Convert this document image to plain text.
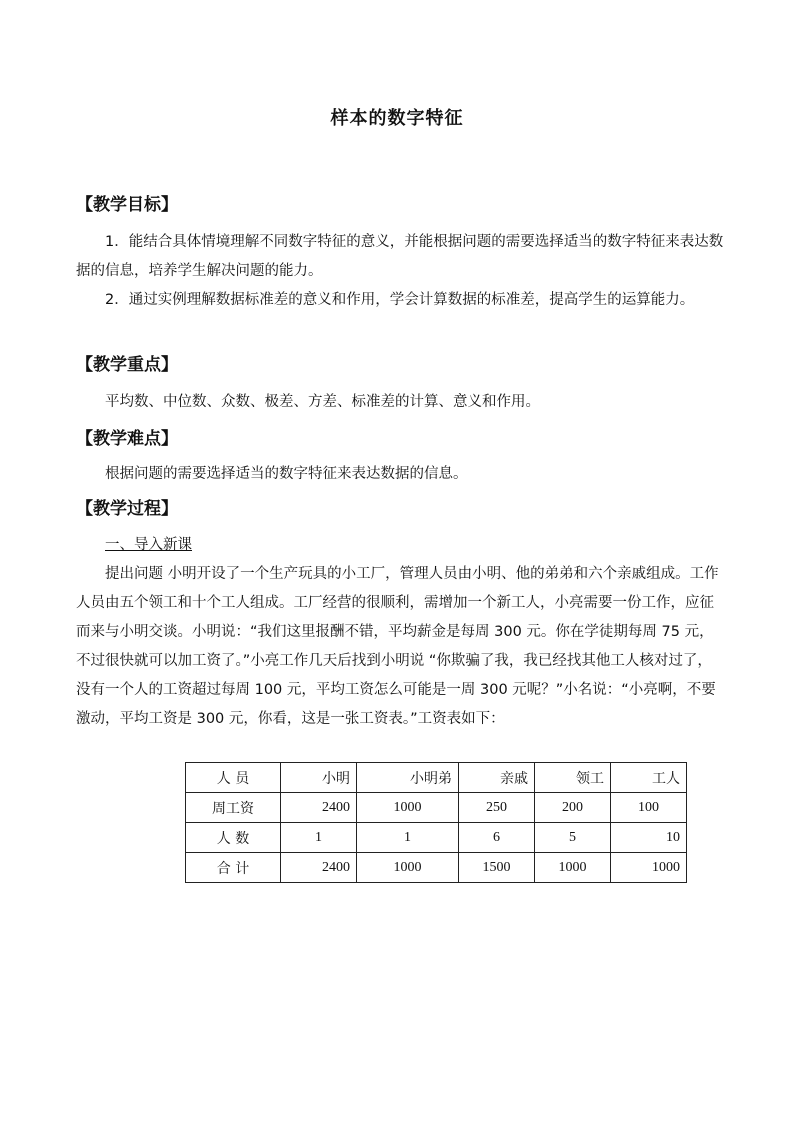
样本的数字特征
【教学目标】

1．能结合具体情境理解不同数字特征的意义，并能根据问题的需要选择适当的数字特征来表达数据的信息，培养学生解决问题的能力。

2．通过实例理解数据标准差的意义和作用，学会计算数据的标准差，提高学生的运算能力。

【教学重点】

平均数、中位数、众数、极差、方差、标准差的计算、意义和作用。

【教学难点】

根据问题的需要选择适当的数字特征来表达数据的信息。

【教学过程】

一、导入新课

提出问题 小明开设了一个生产玩具的小工厂，管理人员由小明、他的弟弟和六个亲戚组成。工作人员由五个领工和十个工人组成。工厂经营的很顺利，需增加一个新工人，小亮需要一份工作，应征而来与小明交谈。小明说：“我们这里报酬不错，平均薪金是每周 300 元。你在学徒期每周 75 元，不过很快就可以加工资了。”小亮工作几天后找到小明说 “你欺骗了我，我已经找其他工人核对过了，没有一个人的工资超过每周 100 元，平均工资怎么可能是一周 300 元呢？”小名说：“小亮啊，不要激动，平均工资是 300 元，你看，这是一张工资表。”工资表如下：

人 员	小明	小明弟	亲戚	领工	工人
周工资	2400	1000	250	200	100
人 数	1	1	6	5	10
合 计	2400	1000	1500	1000	1000
